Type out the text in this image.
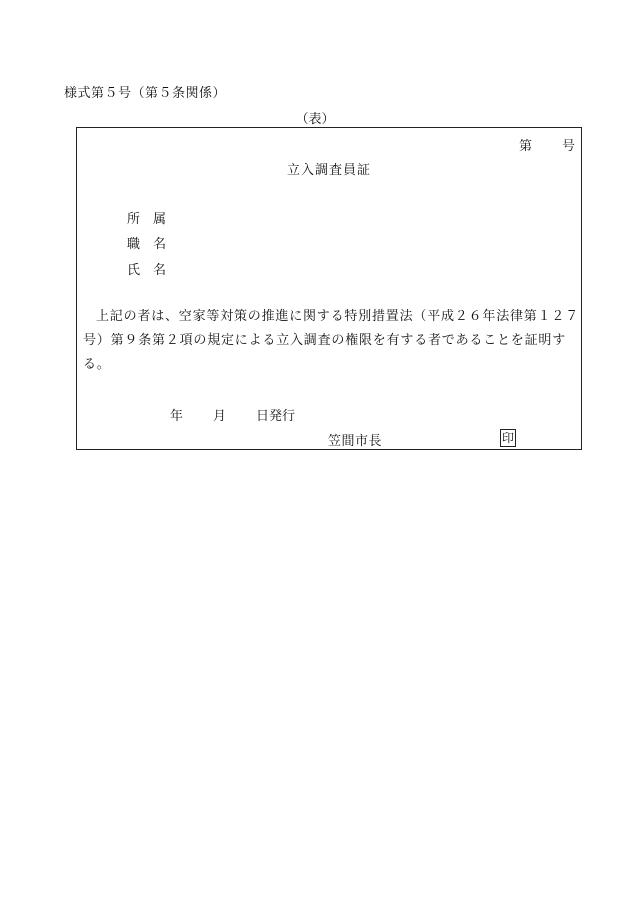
様式第５号（第５条関係）
（表）
第 号
立入調査員証
所 属
職 名
氏 名
上記の者は、空家等対策の推進に関する特別措置法（平成２６年法律第１２７号）第９条第２項の規定による立入調査の権限を有する者であることを証明する。
年 月 日発行
笠間市長	印
